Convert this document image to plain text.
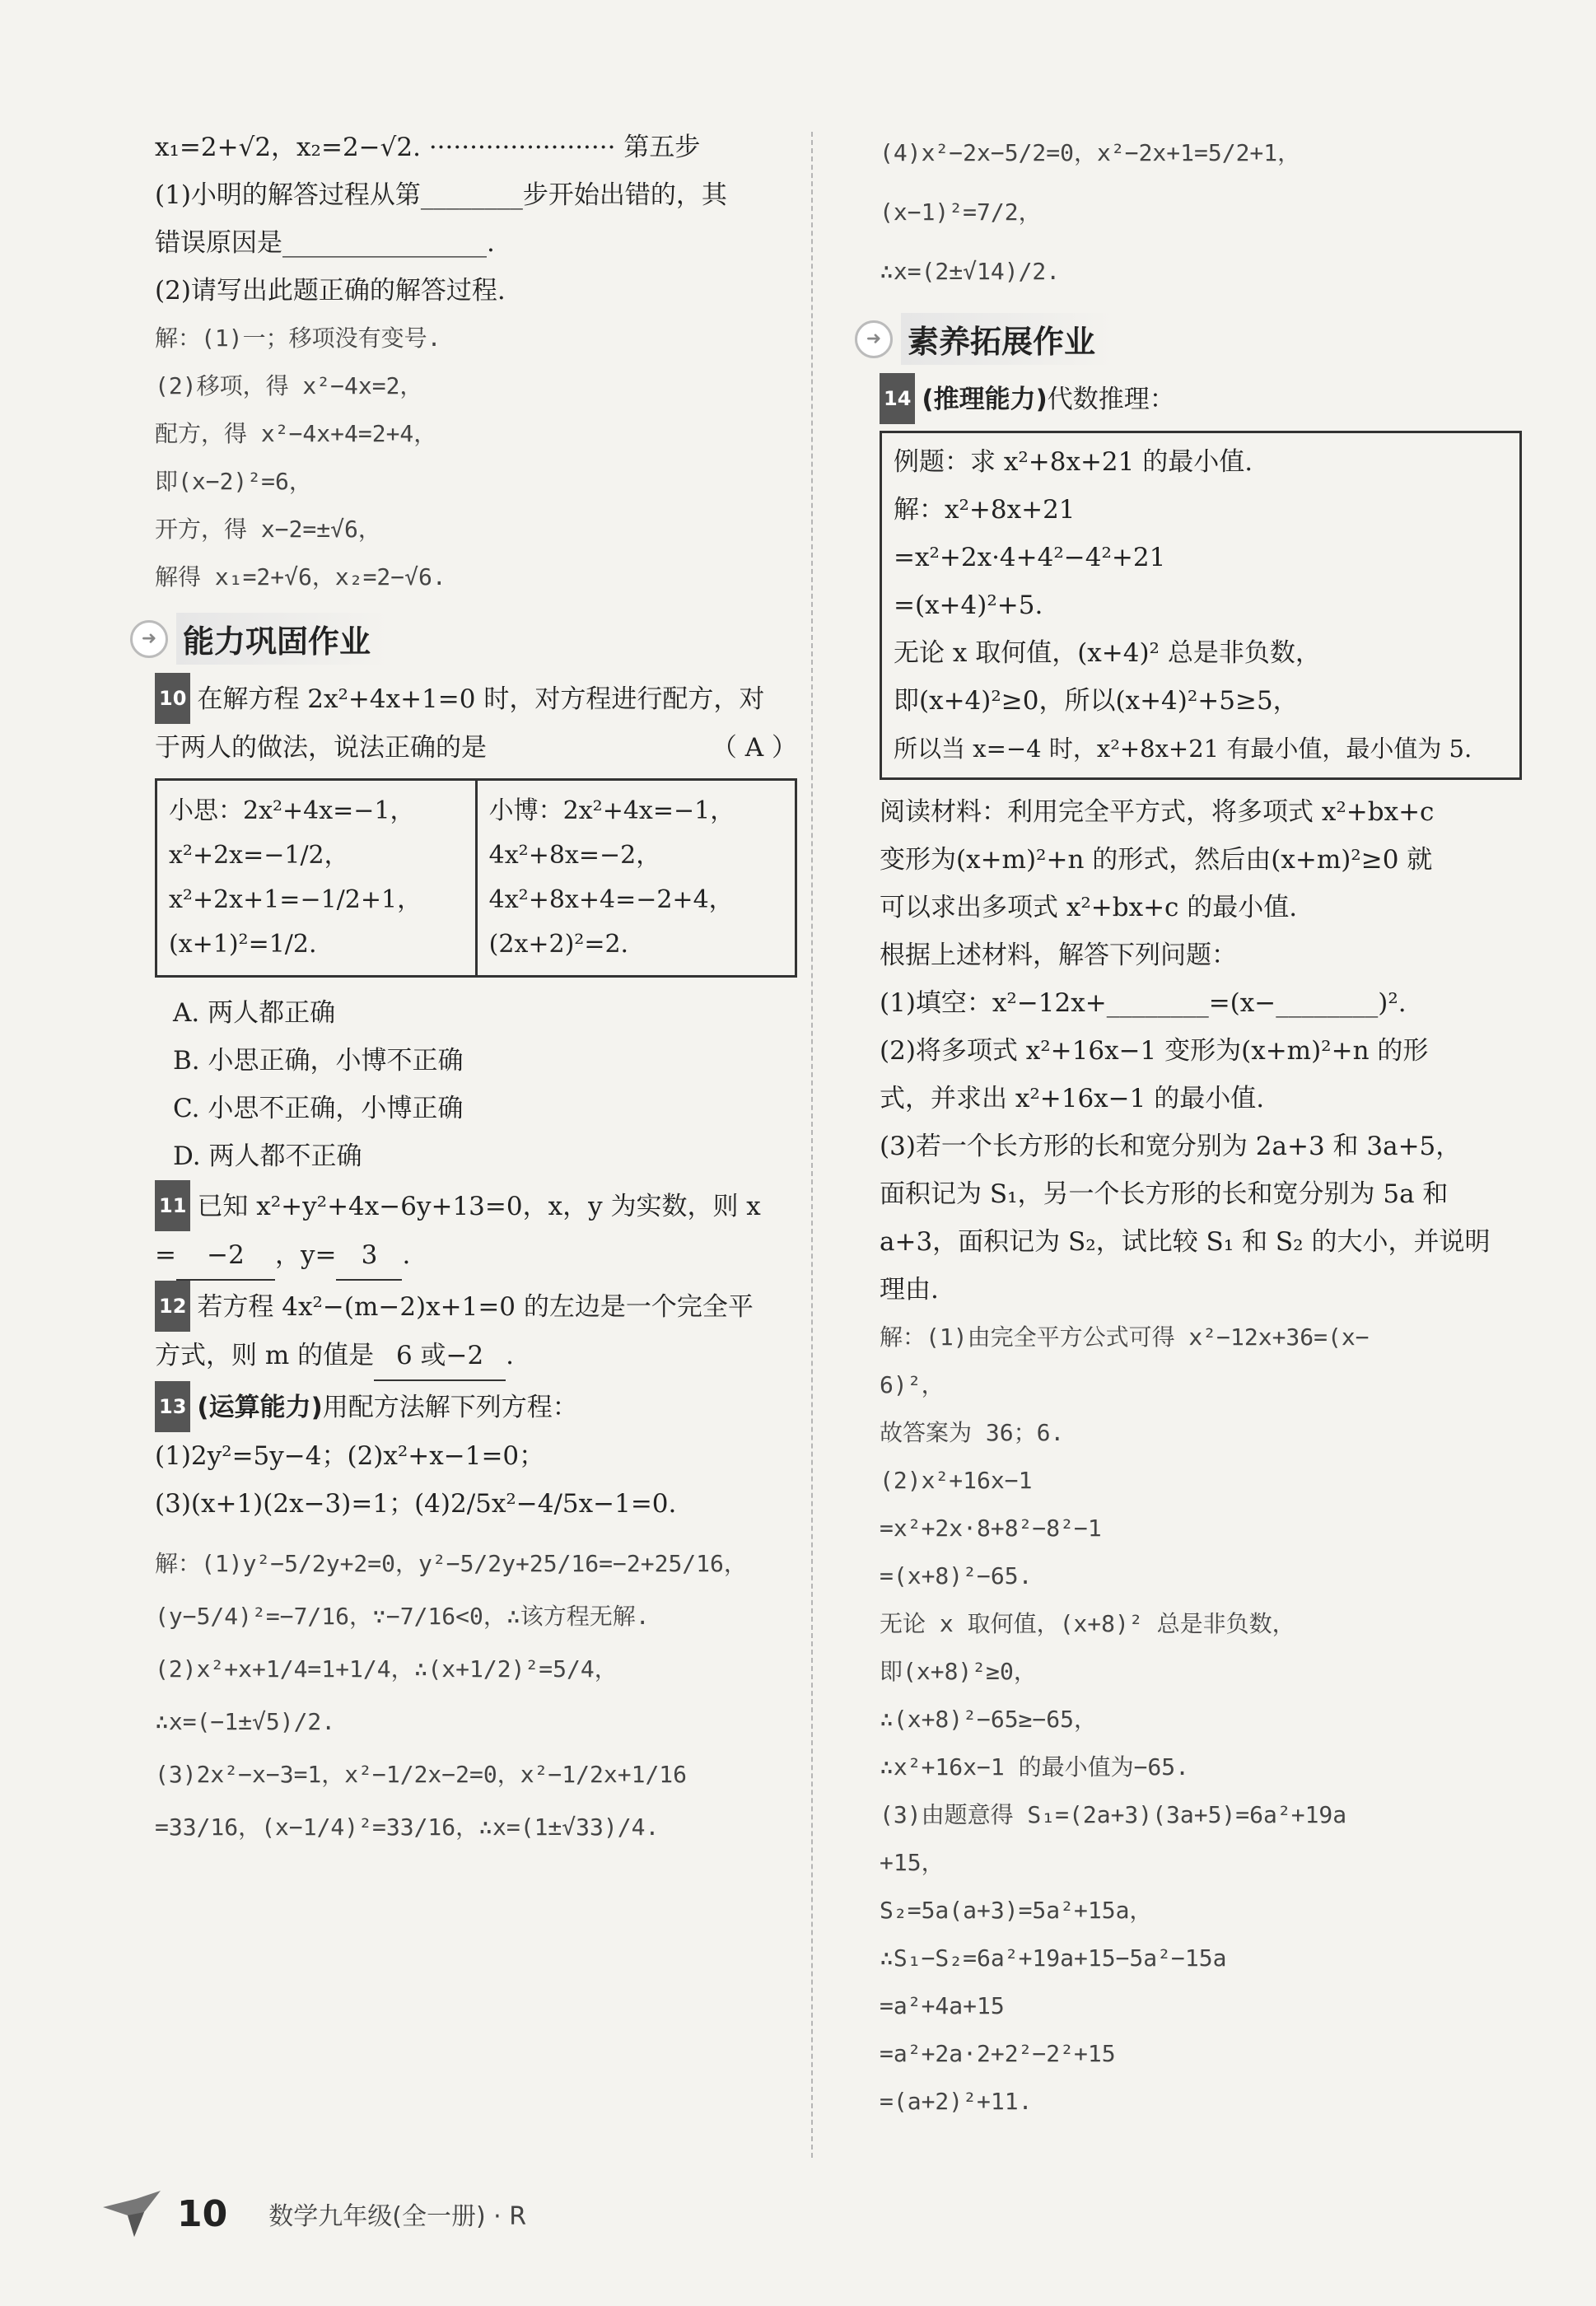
x₁=2+√2，x₂=2−√2. ······················· 第五步
(1)小明的解答过程从第________步开始出错的，其
错误原因是________________.
(2)请写出此题正确的解答过程.
解：(1)一；移项没有变号.
(2)移项，得 x²−4x=2，
配方，得 x²−4x+4=2+4，
即(x−2)²=6，
开方，得 x−2=±√6，
解得 x₁=2+√6，x₂=2−√6.
➜ 能力巩固作业
10 在解方程 2x²+4x+1=0 时，对方程进行配方，对
于两人的做法，说法正确的是	（ A ）
小思：2x²+4x=−1，
x²+2x=−1/2，
x²+2x+1=−1/2+1，
(x+1)²=1/2.

小博：2x²+4x=−1，
4x²+8x=−2，
4x²+8x+4=−2+4，
(2x+2)²=2.
A. 两人都正确
B. 小思正确，小博不正确
C. 小思不正确，小博正确
D. 两人都不正确
11 已知 x²+y²+4x−6y+13=0，x，y 为实数，则 x
= −2 ，y= 3 .
12 若方程 4x²−(m−2)x+1=0 的左边是一个完全平
方式，则 m 的值是 6 或−2 .
13 (运算能力)用配方法解下列方程：
(1)2y²=5y−4；(2)x²+x−1=0；
(3)(x+1)(2x−3)=1；(4)2/5x²−4/5x−1=0.
解：(1)y²−5/2y+2=0，y²−5/2y+25/16=−2+25/16，
(y−5/4)²=−7/16，∵−7/16<0，∴该方程无解.
(2)x²+x+1/4=1+1/4，∴(x+1/2)²=5/4，
∴x=(−1±√5)/2.
(3)2x²−x−3=1，x²−1/2x−2=0，x²−1/2x+1/16
=33/16，(x−1/4)²=33/16，∴x=(1±√33)/4.
(4)x²−2x−5/2=0，x²−2x+1=5/2+1，
(x−1)²=7/2，
∴x=(2±√14)/2.
➜ 素养拓展作业
14 (推理能力)代数推理：
例题：求 x²+8x+21 的最小值.
解：x²+8x+21
=x²+2x·4+4²−4²+21
=(x+4)²+5.
无论 x 取何值，(x+4)² 总是非负数，
即(x+4)²≥0，所以(x+4)²+5≥5，
所以当 x=−4 时，x²+8x+21 有最小值，最小值为 5.
阅读材料：利用完全平方式，将多项式 x²+bx+c
变形为(x+m)²+n 的形式，然后由(x+m)²≥0 就
可以求出多项式 x²+bx+c 的最小值.
根据上述材料，解答下列问题：
(1)填空：x²−12x+________=(x−________)².
(2)将多项式 x²+16x−1 变形为(x+m)²+n 的形
式，并求出 x²+16x−1 的最小值.
(3)若一个长方形的长和宽分别为 2a+3 和 3a+5，
面积记为 S₁，另一个长方形的长和宽分别为 5a 和
a+3，面积记为 S₂，试比较 S₁ 和 S₂ 的大小，并说明
理由.
解：(1)由完全平方公式可得 x²−12x+36=(x−
6)²，
故答案为 36；6.
(2)x²+16x−1
=x²+2x·8+8²−8²−1
=(x+8)²−65.
无论 x 取何值，(x+8)² 总是非负数，
即(x+8)²≥0，
∴(x+8)²−65≥−65，
∴x²+16x−1 的最小值为−65.
(3)由题意得 S₁=(2a+3)(3a+5)=6a²+19a
+15，
S₂=5a(a+3)=5a²+15a，
∴S₁−S₂=6a²+19a+15−5a²−15a
=a²+4a+15
=a²+2a·2+2²−2²+15
=(a+2)²+11.
10 数学九年级(全一册) · R
